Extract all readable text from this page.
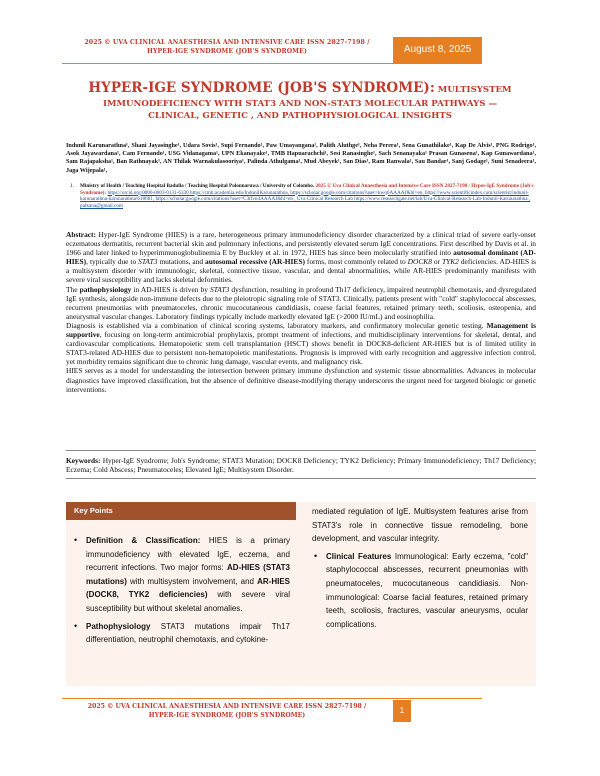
2025 © UVA CLINICAL ANAESTHESIA AND INTENSIVE CARE ISSN 2827-7198 /
HYPER-IGE SYNDROME (JOB'S SYNDROME)	August 8, 2025
HYPER-IGE SYNDROME (JOB'S SYNDROME): MULTISYSTEM
IMMUNODEFICIENCY WITH STAT3 AND NON-STAT3 MOLECULAR PATHWAYS —
CLINICAL, GENETIC , AND PATHOPHYSIOLOGICAL INSIGHTS
Indunil Karunarathna¹, Shani Jayasinghe¹, Udara Sovis¹, Supi Fernando¹, Paw Umayangana¹, Palith Aluthge¹, Neha Perera¹, Sena Gunathilake¹, Kap De Alvis¹, PNG Rodrigo¹, Asok Jayawardana¹, Cam Fernando¹, USG Vidanagama¹, UPN Ekanayake¹, TMB Hapuarachchi¹, Sesi Ranasinghe¹, Sach Senanayaka¹ Prasan Gunasena¹, Kap Gunawardana¹, Sam Rajapaksha¹, Ban Rathnayak¹, AN Thilak Warnakulasooriya¹, Palinda Athulgama¹, Mud Abeyek¹, San Dias¹, Ram Ranwala¹, Sau Bandar¹, Sanj Godage¹, Suni Senadeera¹, Jaga Wijepala¹,
1. Ministry of Health / Teaching Hospital Badulla / Teaching Hospital Polonnaruwa / University of Colombo. 2025 © Uva Clinical Anaesthesia and Intensive Care ISSN 2827-7198 / Hyper-IgE Syndrome (Job's Syndrome): https://orcid.org/0000-0003-0131-6330 https://cmb.academia.edu/IndunilKarunarathna, https://scholar.google.com/citations?user=kwq6AAAAJ&hl=en, https://www.scientificindex.com/scientist/indunil-karunarathna-karunarathna/618681, https://scholar.google.com/citations?user=C3tfvn4AAAAJ&hl=en , Uva Clinical Research Lab https://www.researchgate.net/lab/Uva-Clinical-Research-Lab-Indunil-Karunarathna , palkana@gmail.com

Abstract: Hyper-IgE Syndrome (HIES) is a rare, heterogeneous primary immunodeficiency disorder characterized by a clinical triad of severe early-onset eczematous dermatitis, recurrent bacterial skin and pulmonary infections, and persistently elevated serum IgE concentrations. First described by Davis et al. in 1966 and later linked to hyperimmunoglobulinemia E by Buckley et al. in 1972, HIES has since been molecularly stratified into autosomal dominant (AD-HIES), typically due to STAT3 mutations, and autosomal recessive (AR-HIES) forms, most commonly related to DOCK8 or TYK2 deficiencies. AD-HIES is a multisystem disorder with immunologic, skeletal, connective tissue, vascular, and dental abnormalities, while AR-HIES predominantly manifests with severe viral susceptibility and lacks skeletal deformities.

The pathophysiology in AD-HIES is driven by STAT3 dysfunction, resulting in profound Th17 deficiency, impaired neutrophil chemotaxis, and dysregulated IgE synthesis, alongside non-immune defects due to the pleiotropic signaling role of STAT3. Clinically, patients present with "cold" staphylococcal abscesses, recurrent pneumonias with pneumatoceles, chronic mucocutaneous candidiasis, coarse facial features, retained primary teeth, scoliosis, osteopenia, and aneurysmal vascular changes. Laboratory findings typically include markedly elevated IgE (>2000 IU/mL) and eosinophilia.

Diagnosis is established via a combination of clinical scoring systems, laboratory markers, and confirmatory molecular genetic testing. Management is supportive, focusing on long-term antimicrobial prophylaxis, prompt treatment of infections, and multidisciplinary interventions for skeletal, dental, and cardiovascular complications. Hematopoietic stem cell transplantation (HSCT) shows benefit in DOCK8-deficient AR-HIES but is of limited utility in STAT3-related AD-HIES due to persistent non-hematopoietic manifestations. Prognosis is improved with early recognition and aggressive infection control, yet morbidity remains significant due to chronic lung damage, vascular events, and malignancy risk.

HIES serves as a model for understanding the intersection between primary immune dysfunction and systemic tissue abnormalities. Advances in molecular diagnostics have improved classification, but the absence of definitive disease-modifying therapy underscores the urgent need for targeted biologic or genetic interventions.

Keywords: Hyper-IgE Syndrome; Job's Syndrome; STAT3 Mutation; DOCK8 Deficiency; TYK2 Deficiency; Primary Immunodeficiency; Th17 Deficiency; Eczema; Cold Abscess; Pneumatoceles; Elevated IgE; Multisystem Disorder.
Key Points
• Definition & Classification: HIES is a primary immunodeficiency with elevated IgE, eczema, and recurrent infections. Two major forms: AD-HIES (STAT3 mutations) with multisystem involvement, and AR-HIES (DOCK8, TYK2 deficiencies) with severe viral susceptibility but without skeletal anomalies.
• Pathophysiology STAT3 mutations impair Th17 differentiation, neutrophil chemotaxis, and cytokine-
mediated regulation of IgE. Multisystem features arise from STAT3's role in connective tissue remodeling, bone development, and vascular integrity.
• Clinical Features Immunological: Early eczema, "cold" staphylococcal abscesses, recurrent pneumonias with pneumatoceles, mucocutaneous candidiasis. Non-immunological: Coarse facial features, retained primary teeth, scoliosis, fractures, vascular aneurysms, ocular complications.
2025 © UVA CLINICAL ANAESTHESIA AND INTENSIVE CARE ISSN 2827-7198 /
HYPER-IGE SYNDROME (JOB'S SYNDROME)
1
